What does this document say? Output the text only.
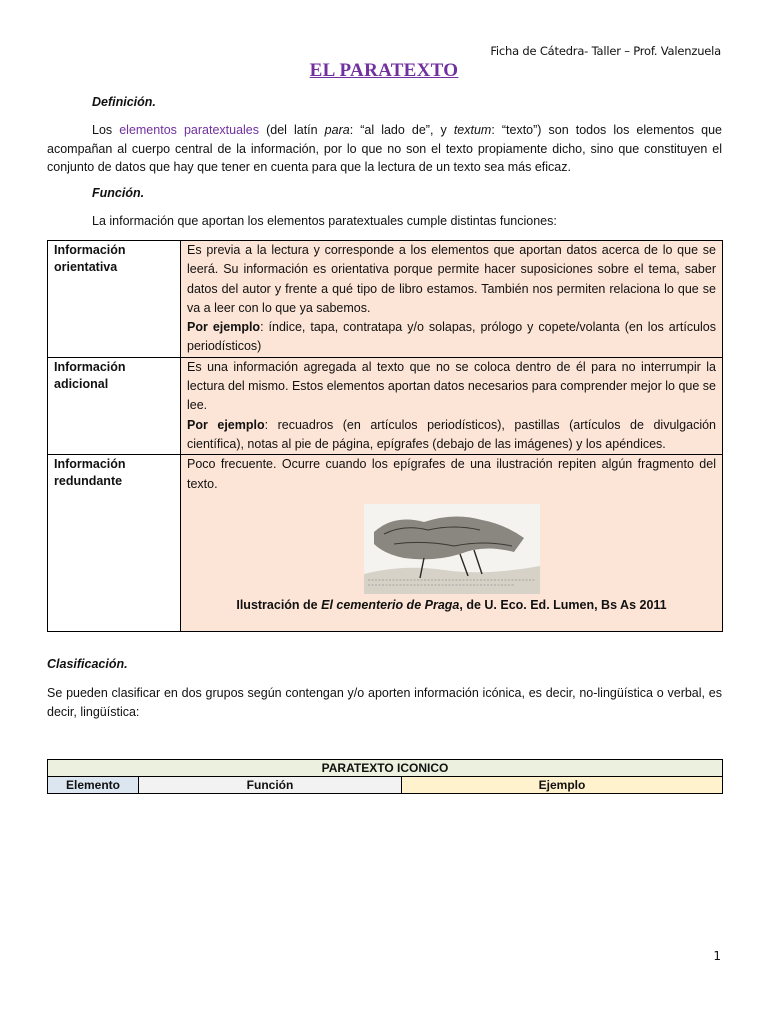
Ficha de Cátedra- Taller – Prof. Valenzuela
EL PARATEXTO
Definición.
Los elementos paratextuales (del latín para: “al lado de”, y textum: “texto”) son todos los elementos que acompañan al cuerpo central de la información, por lo que no son el texto propiamente dicho, sino que constituyen el conjunto de datos que hay que tener en cuenta para que la lectura de un texto sea más eficaz.
Función.
La información que aportan los elementos paratextuales cumple distintas funciones:
Información orientativa	Es previa a la lectura y corresponde a los elementos que aportan datos acerca de lo que se leerá. Su información es orientativa porque permite hacer suposiciones sobre el tema, saber datos del autor y frente a qué tipo de libro estamos. También nos permiten relaciona lo que se va a leer con lo que ya sabemos.
Por ejemplo: índice, tapa, contratapa y/o solapas, prólogo y copete/volanta (en los artículos periodísticos)
Información adicional	Es una información agregada al texto que no se coloca dentro de él para no interrumpir la lectura del mismo. Estos elementos aportan datos necesarios para comprender mejor lo que se lee.
Por ejemplo: recuadros (en artículos periodísticos), pastillas (artículos de divulgación científica), notas al pie de página, epígrafes (debajo de las imágenes) y los apéndices.
Información redundante	Poco frecuente. Ocurre cuando los epígrafes de una ilustración repiten algún fragmento del texto.
Ilustración de El cementerio de Praga, de U. Eco. Ed. Lumen, Bs As 2011
Clasificación.
Se pueden clasificar en dos grupos según contengan y/o aporten información icónica, es decir, no-lingüística o verbal, es decir, lingüística:
PARATEXTO ICONICO
Elemento	Función	Ejemplo
1
